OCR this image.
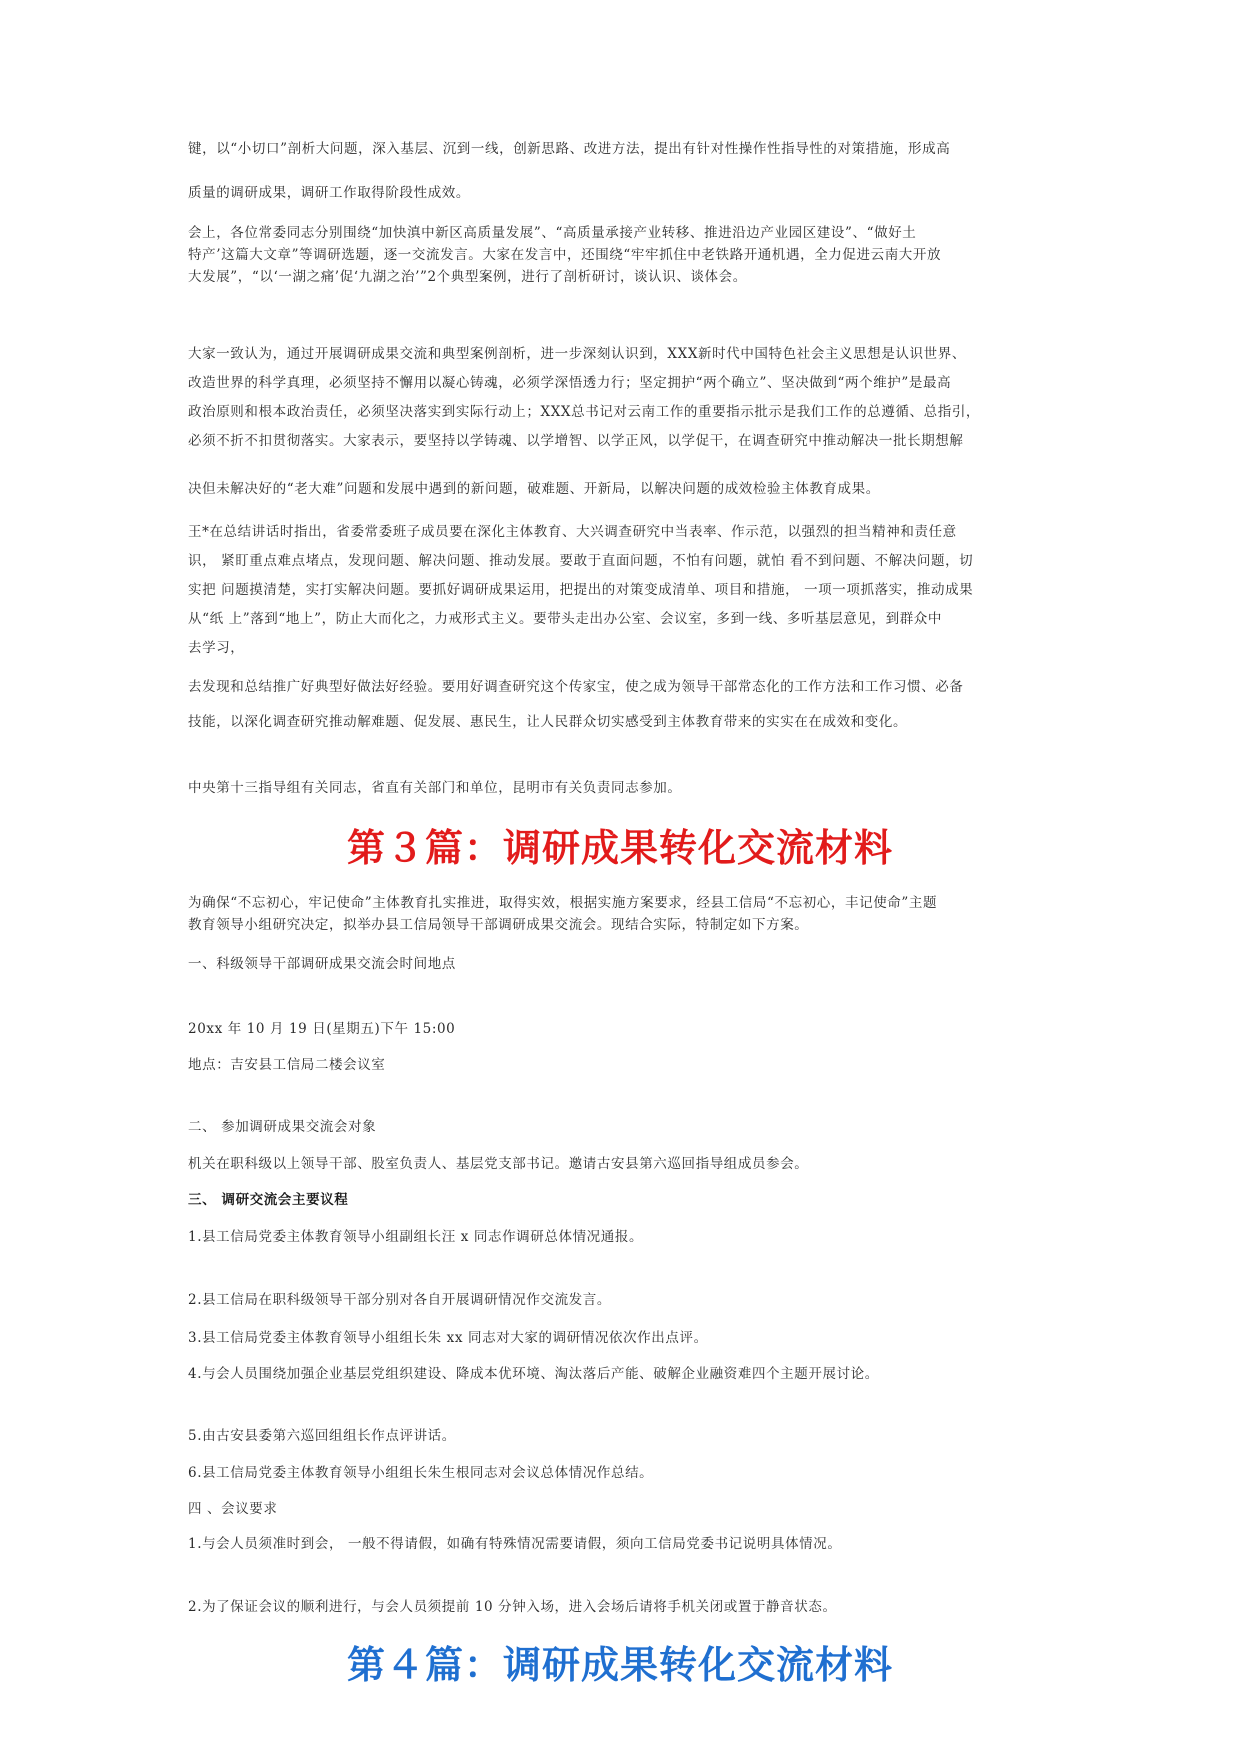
键，以“小切口”剖析大问题，深入基层、沉到一线，创新思路、改进方法，提出有针对性操作性指导性的对策措施，形成高

质量的调研成果，调研工作取得阶段性成效。

会上，各位常委同志分别围绕“加快滇中新区高质量发展”、“高质量承接产业转移、推进沿边产业园区建设”、“做好土

特产’这篇大文章”等调研选题，逐一交流发言。大家在发言中，还围绕“牢牢抓住中老铁路开通机遇，全力促进云南大开放

大发展”，“以‘一湖之痛’促‘九湖之治’”2个典型案例，进行了剖析研讨，谈认识、谈体会。

大家一致认为，通过开展调研成果交流和典型案例剖析，进一步深刻认识到，XXX新时代中国特色社会主义思想是认识世界、

改造世界的科学真理，必须坚持不懈用以凝心铸魂，必须学深悟透力行；坚定拥护“两个确立”、坚决做到“两个维护”是最高

政治原则和根本政治责任，必须坚决落实到实际行动上；XXX总书记对云南工作的重要指示批示是我们工作的总遵循、总指引，

必须不折不扣贯彻落实。大家表示，要坚持以学铸魂、以学增智、以学正风，以学促干，在调查研究中推动解决一批长期想解

决但未解决好的“老大难”问题和发展中遇到的新问题，破难题、开新局，以解决问题的成效检验主体教育成果。

王*在总结讲话时指出，省委常委班子成员要在深化主体教育、大兴调查研究中当表率、作示范，以强烈的担当精神和责任意

识， 紧盯重点难点堵点，发现问题、解决问题、推动发展。要敢于直面问题，不怕有问题，就怕 看不到问题、不解决问题，切

实把 问题摸清楚，实打实解决问题。要抓好调研成果运用，把提出的对策变成清单、项目和措施， 一项一项抓落实，推动成果

从“纸 上”落到“地上”，防止大而化之，力戒形式主义。要带头走出办公室、会议室，多到一线、多听基层意见，到群众中

去学习，

去发现和总结推广好典型好做法好经验。要用好调查研究这个传家宝，使之成为领导干部常态化的工作方法和工作习惯、必备

技能，以深化调查研究推动解难题、促发展、惠民生，让人民群众切实感受到主体教育带来的实实在在成效和变化。

中央第十三指导组有关同志，省直有关部门和单位，昆明市有关负责同志参加。

第３篇：调研成果转化交流材料

为确保“不忘初心，牢记使命”主体教育扎实推进，取得实效，根据实施方案要求，经县工信局“不忘初心，丰记使命”主题

教育领导小组研究决定，拟举办县工信局领导干部调研成果交流会。现结合实际，特制定如下方案。

一、科级领导干部调研成果交流会时间地点

20xx 年 10 月 19 日(星期五)下午 15:00

地点：吉安县工信局二楼会议室

二、 参加调研成果交流会对象

机关在职科级以上领导干部、股室负责人、基层党支部书记。邀请古安县第六巡回指导组成员参会。

三、 调研交流会主要议程

1.县工信局党委主体教育领导小组副组长汪 x 同志作调研总体情况通报。

2.县工信局在职科级领导干部分别对各自开展调研情况作交流发言。

3.县工信局党委主体教育领导小组组长朱 xx 同志对大家的调研情况依次作出点评。

4.与会人员围绕加强企业基层党组织建设、降成本优环境、淘汰落后产能、破解企业融资难四个主题开展讨论。

5.由古安县委第六巡回组组长作点评讲话。

6.县工信局党委主体教育领导小组组长朱生根同志对会议总体情况作总结。

四 、会议要求

1.与会人员须准时到会， 一般不得请假，如确有特殊情况需要请假，须向工信局党委书记说明具体情况。

2.为了保证会议的顺利进行，与会人员须提前 10 分钟入场，进入会场后请将手机关闭或置于静音状态。

第４篇：调研成果转化交流材料
